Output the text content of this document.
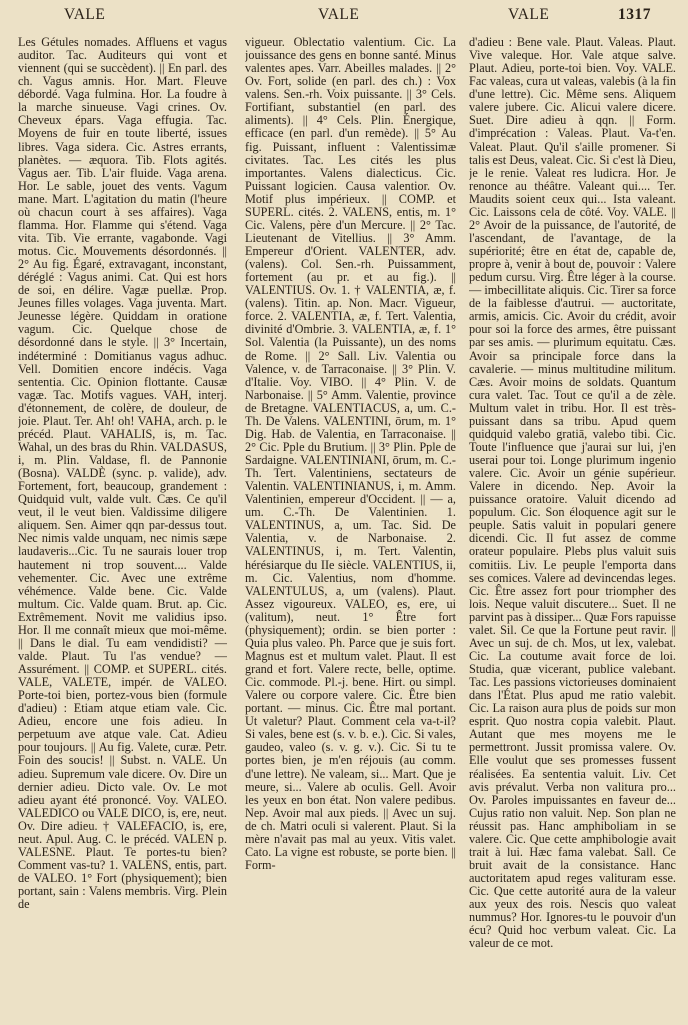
VALE	VALE	VALE	1317

Les Gétules nomades. Affluens et vagus auditor. Tac. Auditeurs qui vont et viennent (qui se succèdent). || En parl. des ch. Vagus amnis. Hor. Mart. Fleuve débordé. Vaga fulmina. Hor. La foudre à la marche sinueuse. Vagi crines. Ov. Cheveux épars. Vaga effugia. Tac. Moyens de fuir en toute liberté, issues libres. Vaga sidera. Cic. Astres errants, planètes. — æquora. Tib. Flots agités. Vagus aer. Tib. L'air fluide. Vaga arena. Hor. Le sable, jouet des vents. Vagum mane. Mart. L'agitation du matin (l'heure où chacun court à ses affaires). Vaga flamma. Hor. Flamme qui s'étend. Vaga vita. Tib. Vie errante, vagabonde. Vagi motus. Cic. Mouvements désordonnés. || 2° Au fig. Égaré, extravagant, inconstant, déréglé : Vagus animi. Cat. Qui est hors de soi, en délire. Vagæ puellæ. Prop. Jeunes filles volages. Vaga juventa. Mart. Jeunesse légère. Quiddam in oratione vagum. Cic. Quelque chose de désordonné dans le style. || 3° Incertain, indéterminé : Domitianus vagus adhuc. Vell. Domitien encore indécis. Vaga sententia. Cic. Opinion flottante. Causæ vagæ. Tac. Motifs vagues. VAH, interj. d'étonnement, de colère, de douleur, de joie. Plaut. Ter. Ah! oh! VAHA, arch. p. le précéd. Plaut. VAHALIS, is, m. Tac. Wahal, un des bras du Rhin. VALDASUS, i, m. Plin. Valdase, fl. de Pannonie (Bosna). VALDÈ (sync. p. valide), adv. Fortement, fort, beaucoup, grandement : Quidquid vult, valde vult. Cæs. Ce qu'il veut, il le veut bien. Valdissime diligere aliquem. Sen. Aimer qqn par-dessus tout. Nec nimis valde unquam, nec nimis sæpe laudaveris...Cic. Tu ne saurais louer trop hautement ni trop souvent.... Valde vehementer. Cic. Avec une extrême véhémence. Valde bene. Cic. Valde multum. Cic. Valde quam. Brut. ap. Cic. Extrêmement. Novit me validius ipso. Hor. Il me connaît mieux que moi-même. || Dans le dial. Tu eam vendidisti? — valde. Plaut. Tu l'as vendue? — Assurément. || COMP. et SUPERL. cités. VALE, VALETE, impér. de VALEO. Porte-toi bien, portez-vous bien (formule d'adieu) : Etiam atque etiam vale. Cic. Adieu, encore une fois adieu. In perpetuum ave atque vale. Cat. Adieu pour toujours. || Au fig. Valete, curæ. Petr. Foin des soucis! || Subst. n. VALE. Un adieu. Supremum vale dicere. Ov. Dire un dernier adieu. Dicto vale. Ov. Le mot adieu ayant été prononcé. Voy. VALEO. VALEDICO ou VALE DICO, is, ere, neut. Ov. Dire adieu. † VALEFACIO, is, ere, neut. Apul. Aug. C. le précéd. VALEN p. VALESNE. Plaut. Te portes-tu bien? Comment vas-tu? 1. VALENS, entis, part. de VALEO. 1° Fort (physiquement); bien portant, sain : Valens membris. Virg. Plein de

vigueur. Oblectatio valentium. Cic. La jouissance des gens en bonne santé. Minus valentes apes. Varr. Abeilles malades. || 2° Ov. Fort, solide (en parl. des ch.) : Vox valens. Sen.-rh. Voix puissante. || 3° Cels. Fortifiant, substantiel (en parl. des aliments). || 4° Cels. Plin. Énergique, efficace (en parl. d'un remède). || 5° Au fig. Puissant, influent : Valentissimæ civitates. Tac. Les cités les plus importantes. Valens dialecticus. Cic. Puissant logicien. Causa valentior. Ov. Motif plus impérieux. || COMP. et SUPERL. cités. 2. VALENS, entis, m. 1° Cic. Valens, père d'un Mercure. || 2° Tac. Lieutenant de Vitellius. || 3° Amm. Empereur d'Orient. VALENTER, adv. (valens). Col. Sen.-rh. Puissamment, fortement (au pr. et au fig.). || VALENTIUS. Ov. 1. † VALENTIA, æ, f. (valens). Titin. ap. Non. Macr. Vigueur, force. 2. VALENTIA, æ, f. Tert. Valentia, divinité d'Ombrie. 3. VALENTIA, æ, f. 1° Sol. Valentia (la Puissante), un des noms de Rome. || 2° Sall. Liv. Valentia ou Valence, v. de Tarraconaise. || 3° Plin. V. d'Italie. Voy. VIBO. || 4° Plin. V. de Narbonaise. || 5° Amm. Valentie, province de Bretagne. VALENTIACUS, a, um. C.-Th. De Valens. VALENTINI, ōrum, m. 1° Dig. Hab. de Valentia, en Tarraconaise. || 2° Cic. Pple du Brutium. || 3° Plin. Pple de Sardaigne. VALENTINIANI, ōrum, m. C.-Th. Tert. Valentiniens, sectateurs de Valentin. VALENTINIANUS, i, m. Amm. Valentinien, empereur d'Occident. || — a, um. C.-Th. De Valentinien. 1. VALENTINUS, a, um. Tac. Sid. De Valentia, v. de Narbonaise. 2. VALENTINUS, i, m. Tert. Valentin, hérésiarque du IIe siècle. VALENTIUS, ii, m. Cic. Valentius, nom d'homme. VALENTULUS, a, um (valens). Plaut. Assez vigoureux. VALEO, es, ere, ui (valitum), neut. 1° Être fort (physiquement); ordin. se bien porter : Quia plus valeo. Ph. Parce que je suis fort. Magnus est et multum valet. Plaut. Il est grand et fort. Valere recte, belle, optime. Cic. commode. Pl.-j. bene. Hirt. ou simpl. Valere ou corpore valere. Cic. Être bien portant. — minus. Cic. Être mal portant. Ut valetur? Plaut. Comment cela va-t-il? Si vales, bene est (s. v. b. e.). Cic. Si vales, gaudeo, valeo (s. v. g. v.). Cic. Si tu te portes bien, je m'en réjouis (au comm. d'une lettre). Ne valeam, si... Mart. Que je meure, si... Valere ab oculis. Gell. Avoir les yeux en bon état. Non valere pedibus. Nep. Avoir mal aux pieds. || Avec un suj. de ch. Matri oculi si valerent. Plaut. Si la mère n'avait pas mal au yeux. Vitis valet. Cato. La vigne est robuste, se porte bien. || Form-

d'adieu : Bene vale. Plaut. Valeas. Plaut. Vive valeque. Hor. Vale atque salve. Plaut. Adieu, porte-toi bien. Voy. VALE. Fac valeas, cura ut valeas, valebis (à la fin d'une lettre). Cic. Même sens. Aliquem valere jubere. Cic. Alicui valere dicere. Suet. Dire adieu à qqn. || Form. d'imprécation : Valeas. Plaut. Va-t'en. Valeat. Plaut. Qu'il s'aille promener. Si talis est Deus, valeat. Cic. Si c'est là Dieu, je le renie. Valeat res ludicra. Hor. Je renonce au théâtre. Valeant qui.... Ter. Maudits soient ceux qui... Ista valeant. Cic. Laissons cela de côté. Voy. VALE. || 2° Avoir de la puissance, de l'autorité, de l'ascendant, de l'avantage, de la supériorité; être en état de, capable de, propre à, venir à bout de, pouvoir : Valere pedum cursu. Virg. Être léger à la course. — imbecillitate aliquis. Cic. Tirer sa force de la faiblesse d'autrui. — auctoritate, armis, amicis. Cic. Avoir du crédit, avoir pour soi la force des armes, être puissant par ses amis. — plurimum equitatu. Cæs. Avoir sa principale force dans la cavalerie. — minus multitudine militum. Cæs. Avoir moins de soldats. Quantum cura valet. Tac. Tout ce qu'il a de zèle. Multum valet in tribu. Hor. Il est très-puissant dans sa tribu. Apud quem quidquid valebo gratiā, valebo tibi. Cic. Toute l'influence que j'aurai sur lui, j'en userai pour toi. Longe plurimum ingenio valere. Cic. Avoir un génie supérieur. Valere in dicendo. Nep. Avoir la puissance oratoire. Valuit dicendo ad populum. Cic. Son éloquence agit sur le peuple. Satis valuit in populari genere dicendi. Cic. Il fut assez de comme orateur populaire. Plebs plus valuit suis comitiis. Liv. Le peuple l'emporta dans ses comices. Valere ad devincendas leges. Cic. Être assez fort pour triompher des lois. Neque valuit discutere... Suet. Il ne parvint pas à dissiper... Quæ Fors rapuisse valet. Sil. Ce que la Fortune peut ravir. || Avec un suj. de ch. Mos, ut lex, valebat. Cic. La coutume avait force de loi. Studia, quæ vicerant, publice valebant. Tac. Les passions victorieuses dominaient dans l'État. Plus apud me ratio valebit. Cic. La raison aura plus de poids sur mon esprit. Quo nostra copia valebit. Plaut. Autant que mes moyens me le permettront. Jussit promissa valere. Ov. Elle voulut que ses promesses fussent réalisées. Ea sententia valuit. Liv. Cet avis prévalut. Verba non valitura pro... Ov. Paroles impuissantes en faveur de... Cujus ratio non valuit. Nep. Son plan ne réussit pas. Hanc amphiboliam in se valere. Cic. Que cette amphibologie avait trait à lui. Hæc fama valebat. Sall. Ce bruit avait de la consistance. Hanc auctoritatem apud reges valituram esse. Cic. Que cette autorité aura de la valeur aux yeux des rois. Nescis quo valeat nummus? Hor. Ignores-tu le pouvoir d'un écu? Quid hoc verbum valeat. Cic. La valeur de ce mot.
